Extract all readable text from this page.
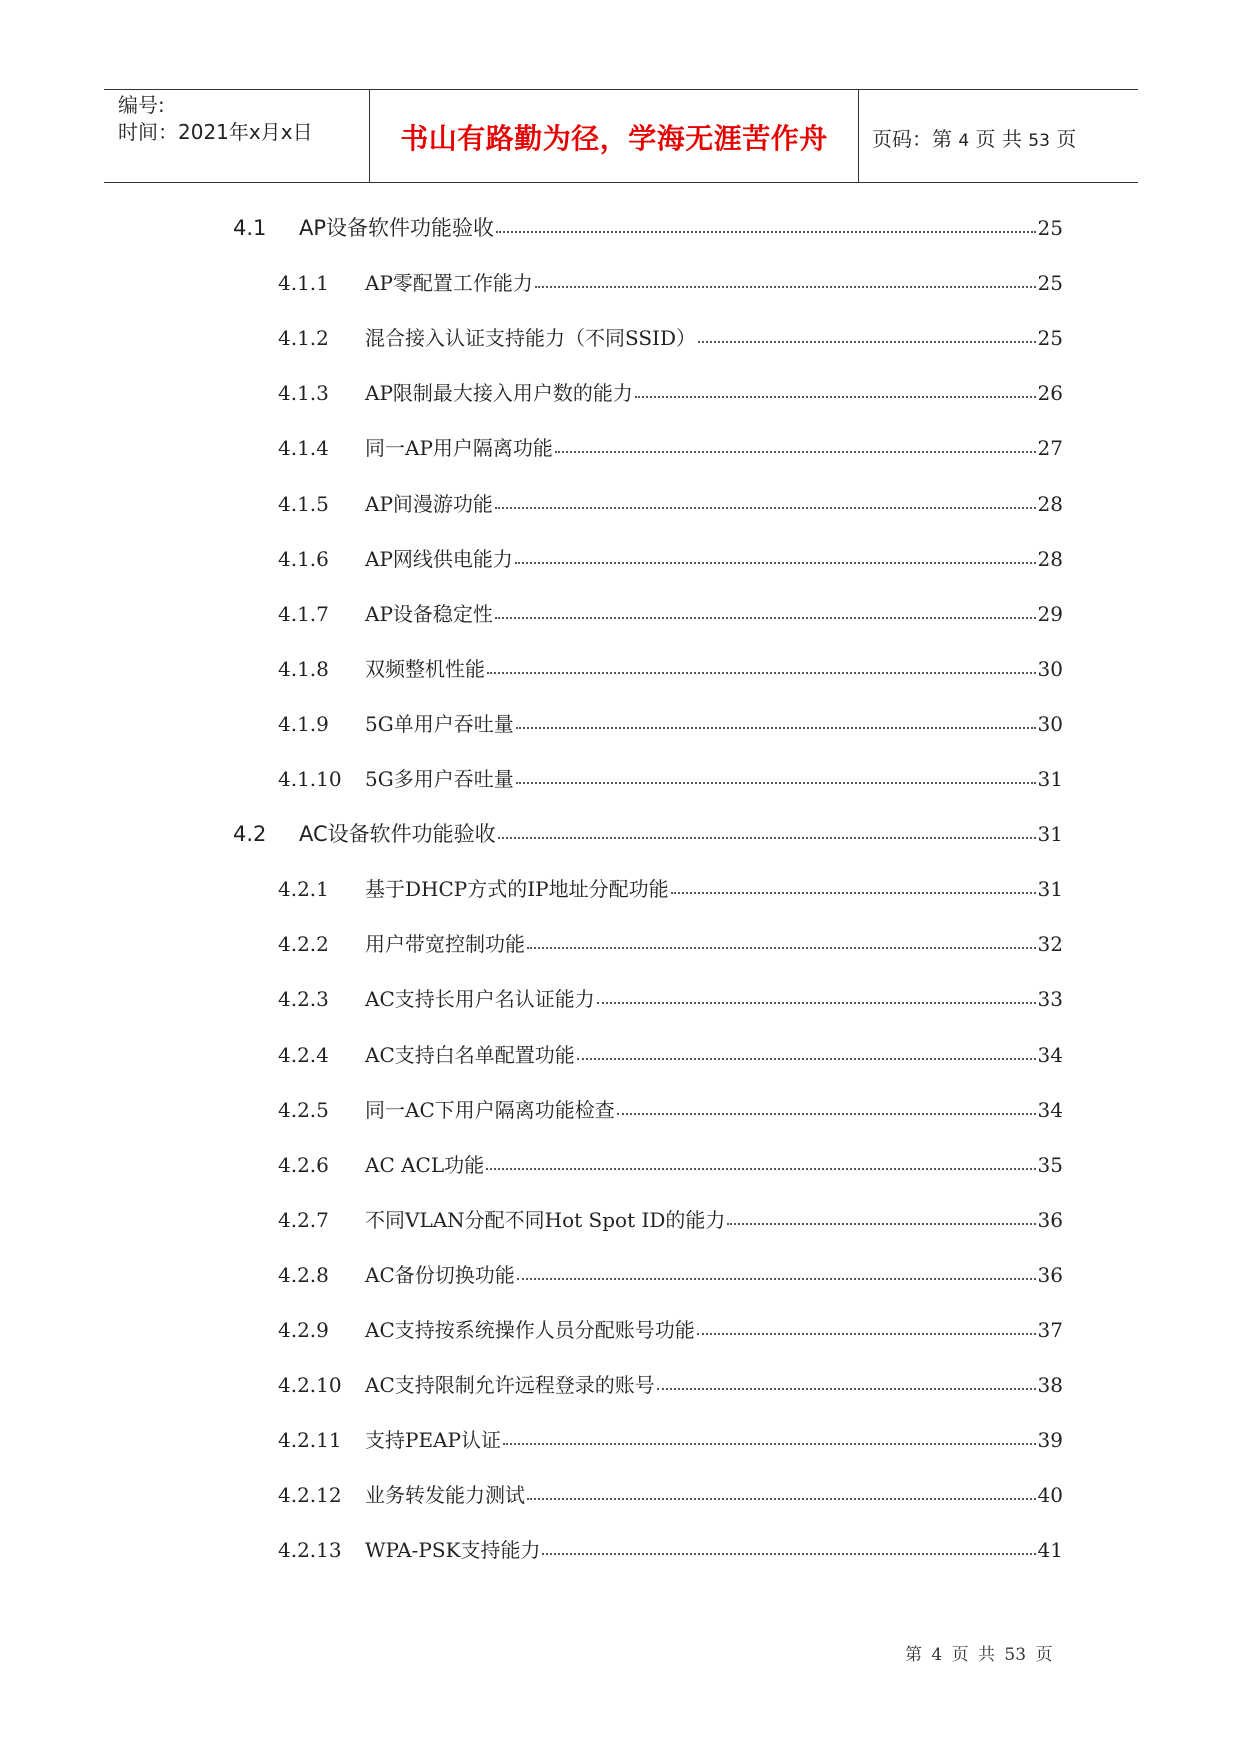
编号:
时间：2021年x月x日	书山有路勤为径，学海无涯苦作舟	页码：第 4 页 共 53 页
4.1	AP设备软件功能验收	25
4.1.1	AP零配置工作能力	25
4.1.2	混合接入认证支持能力（不同SSID）	25
4.1.3	AP限制最大接入用户数的能力	26
4.1.4	同一AP用户隔离功能	27
4.1.5	AP间漫游功能	28
4.1.6	AP网线供电能力	28
4.1.7	AP设备稳定性	29
4.1.8	双频整机性能	30
4.1.9	5G单用户吞吐量	30
4.1.10	5G多用户吞吐量	31
4.2	AC设备软件功能验收	31
4.2.1	基于DHCP方式的IP地址分配功能	31
4.2.2	用户带宽控制功能	32
4.2.3	AC支持长用户名认证能力	33
4.2.4	AC支持白名单配置功能	34
4.2.5	同一AC下用户隔离功能检查	34
4.2.6	AC ACL功能	35
4.2.7	不同VLAN分配不同Hot Spot ID的能力	36
4.2.8	AC备份切换功能	36
4.2.9	AC支持按系统操作人员分配账号功能	37
4.2.10	AC支持限制允许远程登录的账号	38
4.2.11	支持PEAP认证	39
4.2.12	业务转发能力测试	40
4.2.13	WPA-PSK支持能力	41
第 4 页 共 53 页
